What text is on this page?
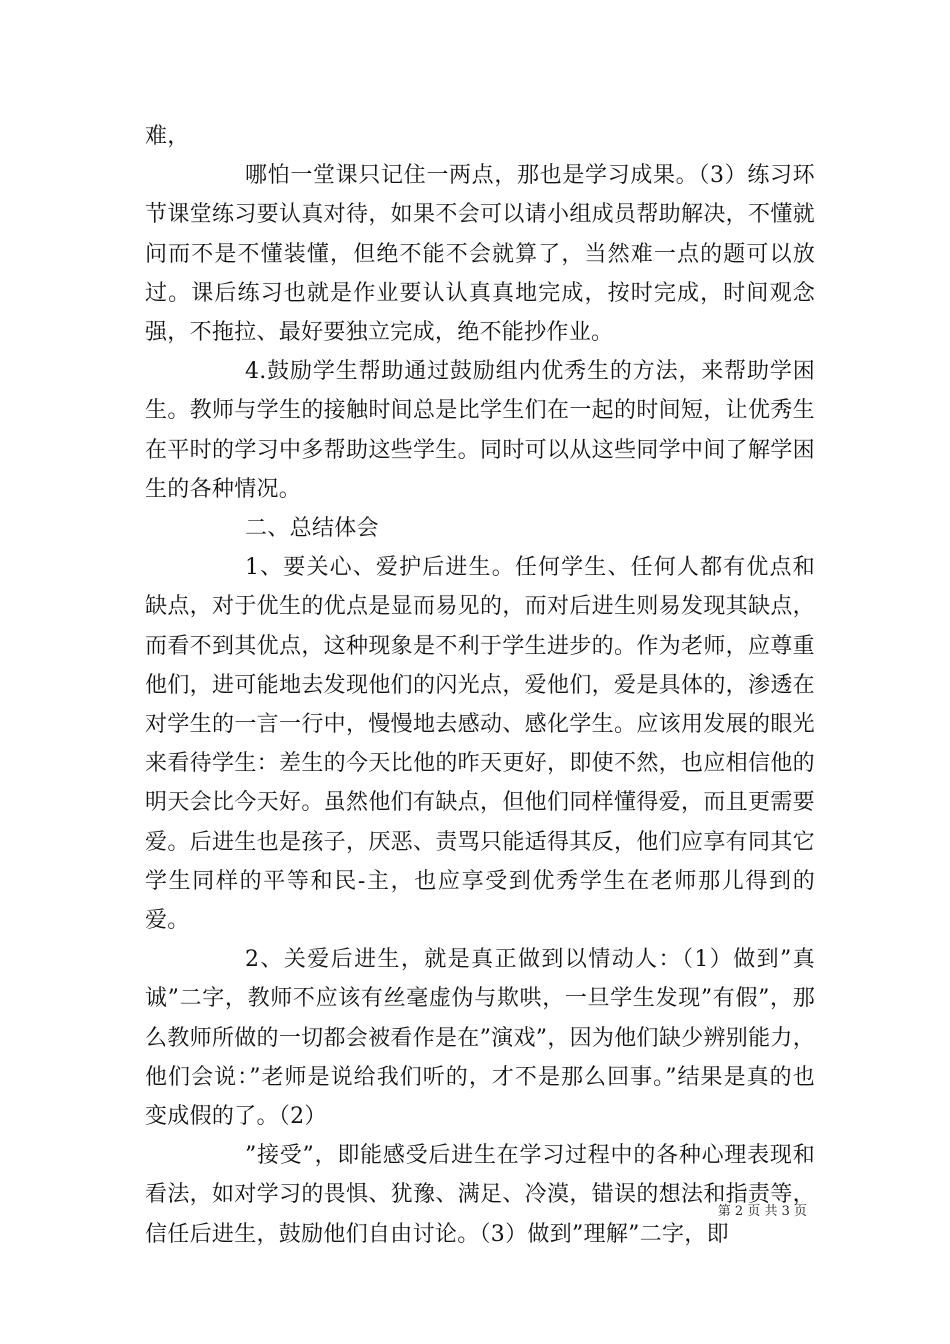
难，

哪怕一堂课只记住一两点，那也是学习成果。（3）练习环节课堂练习要认真对待，如果不会可以请小组成员帮助解决，不懂就问而不是不懂装懂，但绝不能不会就算了，当然难一点的题可以放过。课后练习也就是作业要认认真真地完成，按时完成，时间观念强，不拖拉、最好要独立完成，绝不能抄作业。

4.鼓励学生帮助通过鼓励组内优秀生的方法，来帮助学困生。教师与学生的接触时间总是比学生们在一起的时间短，让优秀生在平时的学习中多帮助这些学生。同时可以从这些同学中间了解学困生的各种情况。

二、总结体会

1、要关心、爱护后进生。任何学生、任何人都有优点和缺点，对于优生的优点是显而易见的，而对后进生则易发现其缺点，而看不到其优点，这种现象是不利于学生进步的。作为老师，应尊重他们，进可能地去发现他们的闪光点，爱他们，爱是具体的，渗透在对学生的一言一行中，慢慢地去感动、感化学生。应该用发展的眼光来看待学生：差生的今天比他的昨天更好，即使不然，也应相信他的明天会比今天好。虽然他们有缺点，但他们同样懂得爱，而且更需要爱。后进生也是孩子，厌恶、责骂只能适得其反，他们应享有同其它学生同样的平等和民-主，也应享受到优秀学生在老师那儿得到的爱。

2、关爱后进生，就是真正做到以情动人：（1）做到”真诚”二字，教师不应该有丝毫虚伪与欺哄，一旦学生发现”有假”，那么教师所做的一切都会被看作是在”演戏”，因为他们缺少辨别能力，他们会说：”老师是说给我们听的，才不是那么回事。”结果是真的也变成假的了。（2）

”接受”，即能感受后进生在学习过程中的各种心理表现和看法，如对学习的畏惧、犹豫、满足、冷漠，错误的想法和指责等，信任后进生，鼓励他们自由讨论。（3）做到”理解”二字，即

第 2 页 共 3 页
